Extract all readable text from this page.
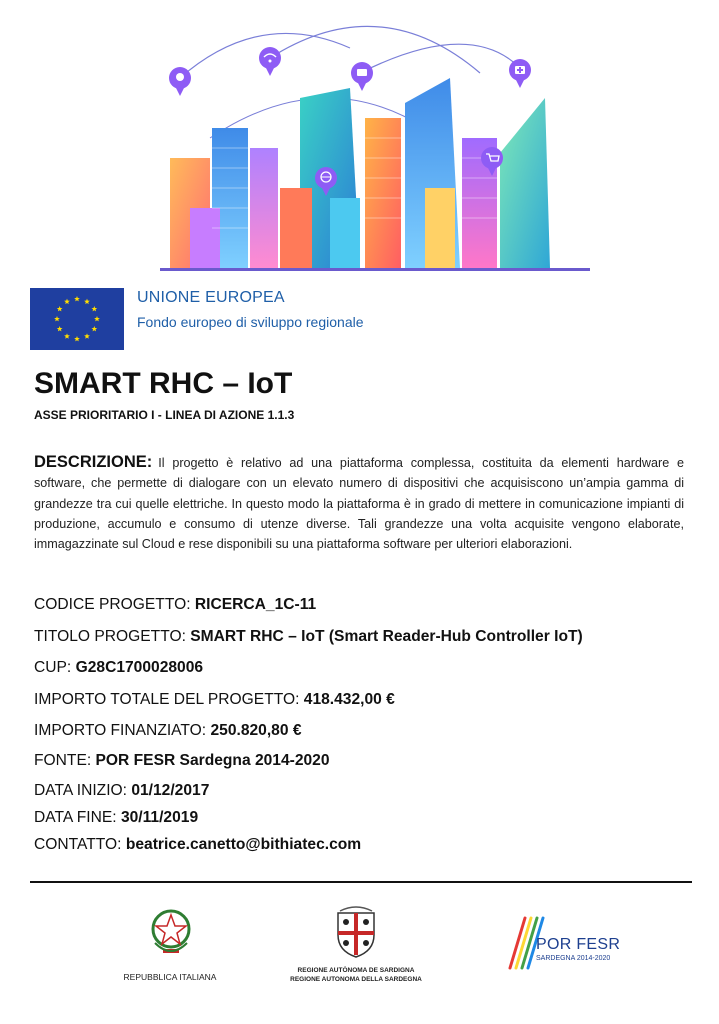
UNIONE EUROPEA
Fondo europeo di sviluppo regionale
SMART RHC – IoT
ASSE PRIORITARIO I - LINEA DI AZIONE 1.1.3
DESCRIZIONE: Il progetto è relativo ad una piattaforma complessa, costituita da elementi hardware e software, che permette di dialogare con un elevato numero di dispositivi che acquisiscono un’ampia gamma di grandezze tra cui quelle elettriche. In questo modo la piattaforma è in grado di mettere in comunicazione impianti di produzione, accumulo e consumo di utenze diverse. Tali grandezze una volta acquisite vengono elaborate, immagazzinate sul Cloud e rese disponibili su una piattaforma software per ulteriori elaborazioni.
CODICE PROGETTO: RICERCA_1C-11
TITOLO PROGETTO: SMART RHC – IoT (Smart Reader-Hub Controller IoT)
CUP: G28C1700028006
IMPORTO TOTALE DEL PROGETTO: 418.432,00 €
IMPORTO FINANZIATO: 250.820,80 €
FONTE: POR FESR Sardegna 2014-2020
DATA INIZIO: 01/12/2017
DATA FINE: 30/11/2019
CONTATTO: beatrice.canetto@bithiatec.com
REPUBBLICA ITALIANA
REGIONE AUTÒNOMA DE SARDIGNA
REGIONE AUTONOMA DELLA SARDEGNA
POR FESR
SARDEGNA 2014-2020
